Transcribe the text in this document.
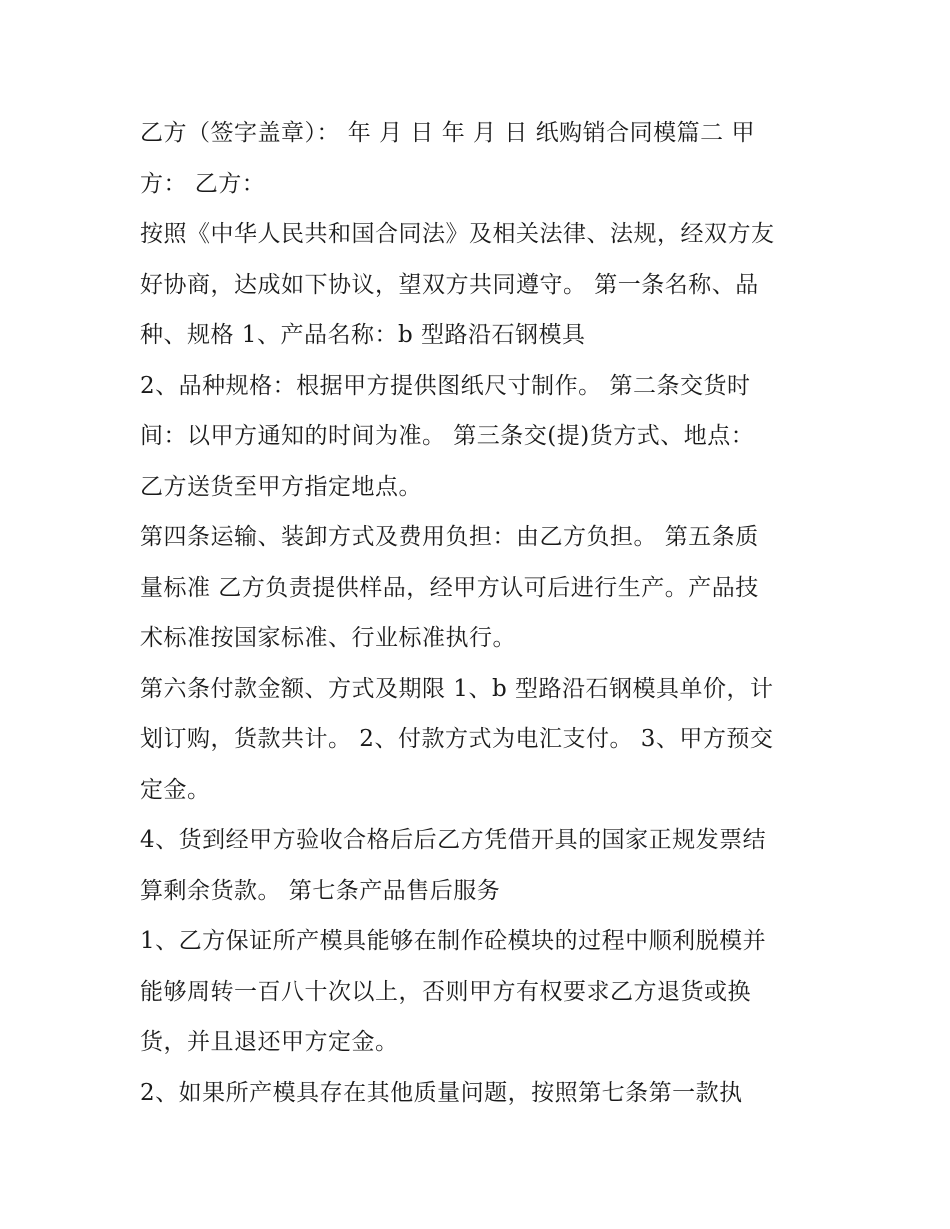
乙方（签字盖章）： 年 月 日 年 月 日 纸购销合同模篇二 甲
方： 乙方：
按照《中华人民共和国合同法》及相关法律、法规，经双方友
好协商，达成如下协议，望双方共同遵守。 第一条名称、品
种、规格 1、产品名称：b 型路沿石钢模具
2、品种规格：根据甲方提供图纸尺寸制作。 第二条交货时
间：以甲方通知的时间为准。 第三条交(提)货方式、地点：
乙方送货至甲方指定地点。
第四条运输、装卸方式及费用负担：由乙方负担。 第五条质
量标准 乙方负责提供样品，经甲方认可后进行生产。产品技
术标准按国家标准、行业标准执行。
第六条付款金额、方式及期限 1、b 型路沿石钢模具单价，计
划订购，货款共计。 2、付款方式为电汇支付。 3、甲方预交
定金。
4、货到经甲方验收合格后后乙方凭借开具的国家正规发票结
算剩余货款。 第七条产品售后服务
1、乙方保证所产模具能够在制作砼模块的过程中顺利脱模并
能够周转一百八十次以上，否则甲方有权要求乙方退货或换
货，并且退还甲方定金。
2、如果所产模具存在其他质量问题，按照第七条第一款执
